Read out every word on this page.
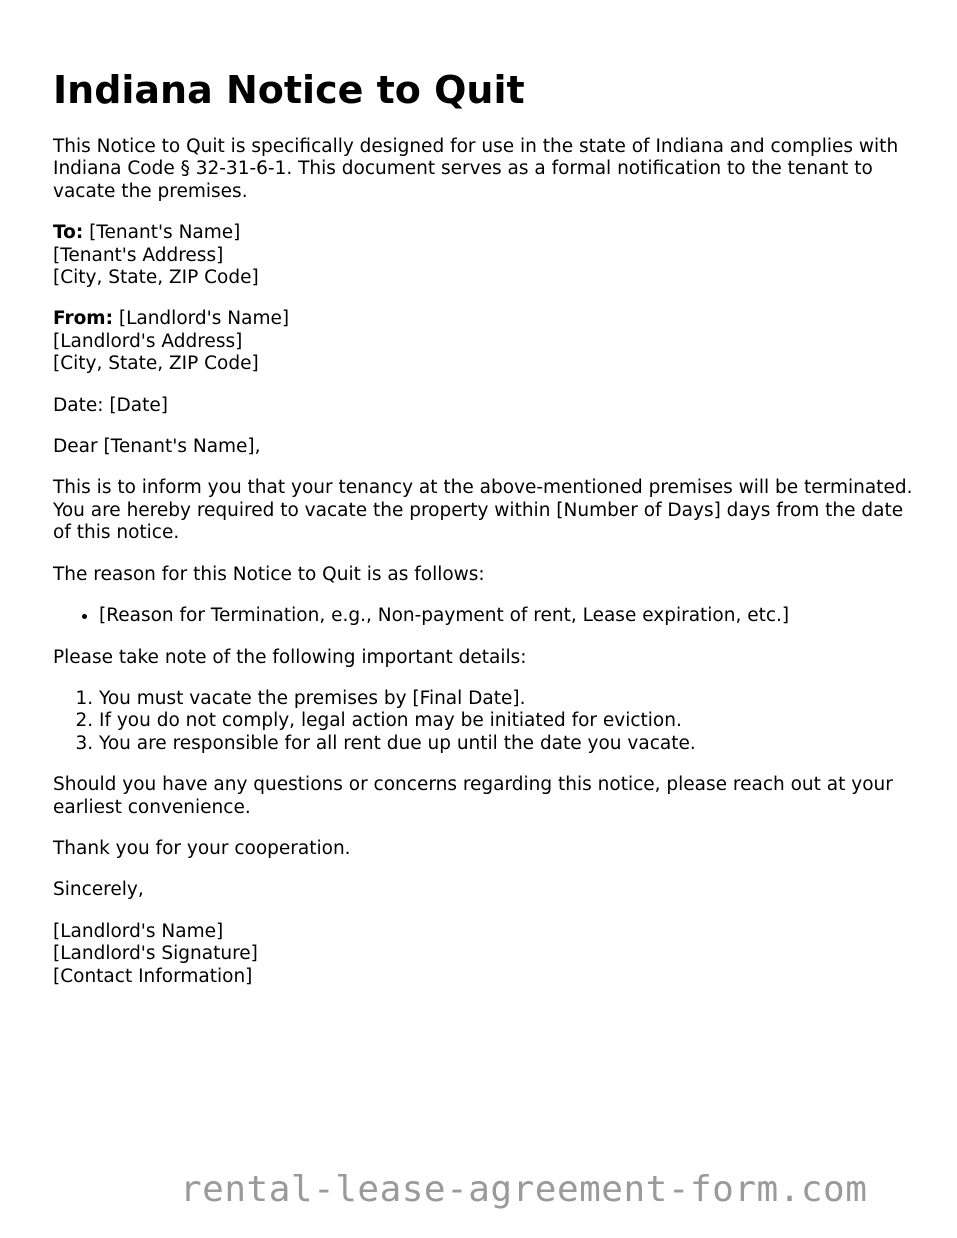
Indiana Notice to Quit

This Notice to Quit is specifically designed for use in the state of Indiana and complies with Indiana Code § 32-31-6-1. This document serves as a formal notification to the tenant to vacate the premises.

To: [Tenant's Name]
[Tenant's Address]
[City, State, ZIP Code]
From: [Landlord's Name]
[Landlord's Address]
[City, State, ZIP Code]

Date: [Date]

Dear [Tenant's Name],

This is to inform you that your tenancy at the above-mentioned premises will be terminated. You are hereby required to vacate the property within [Number of Days] days from the date of this notice.

The reason for this Notice to Quit is as follows:

• [Reason for Termination, e.g., Non-payment of rent, Lease expiration, etc.]

Please take note of the following important details:

1. You must vacate the premises by [Final Date].
2. If you do not comply, legal action may be initiated for eviction.
3. You are responsible for all rent due up until the date you vacate.

Should you have any questions or concerns regarding this notice, please reach out at your earliest convenience.

Thank you for your cooperation.

Sincerely,

[Landlord's Name]
[Landlord's Signature]
[Contact Information]
rental-lease-agreement-form.com
